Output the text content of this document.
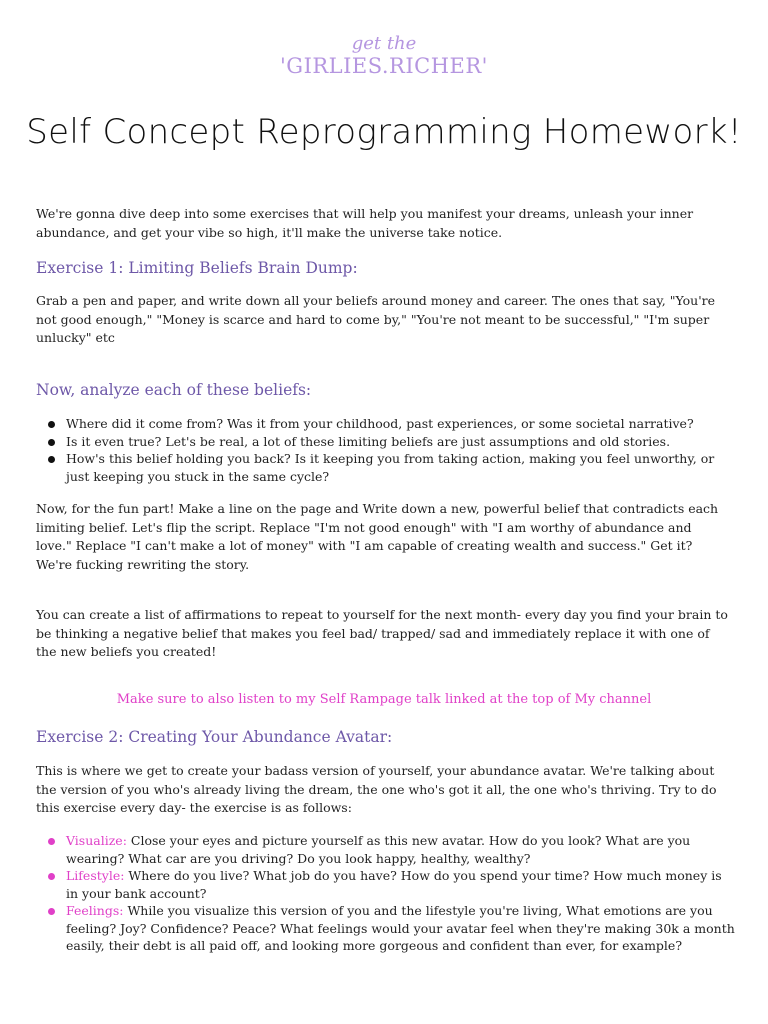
get the
'GIRLIES.RICHER'
Self Concept Reprogramming Homework!
We're gonna dive deep into some exercises that will help you manifest your dreams, unleash your inner abundance, and get your vibe so high, it'll make the universe take notice.
Exercise 1: Limiting Beliefs Brain Dump:
Grab a pen and paper, and write down all your beliefs around money and career. The ones that say, "You're not good enough," "Money is scarce and hard to come by," "You're not meant to be successful," "I'm super unlucky" etc
Now, analyze each of these beliefs:
Where did it come from? Was it from your childhood, past experiences, or some societal narrative?
Is it even true? Let's be real, a lot of these limiting beliefs are just assumptions and old stories.
How's this belief holding you back? Is it keeping you from taking action, making you feel unworthy, or just keeping you stuck in the same cycle?
Now, for the fun part! Make a line on the page and Write down a new, powerful belief that contradicts each limiting belief. Let's flip the script. Replace "I'm not good enough" with "I am worthy of abundance and love." Replace "I can't make a lot of money" with "I am capable of creating wealth and success." Get it? We're fucking rewriting the story.
You can create a list of affirmations to repeat to yourself for the next month- every day you find your brain to be thinking a negative belief that makes you feel bad/ trapped/ sad and immediately replace it with one of the new beliefs you created!
Make sure to also listen to my Self Rampage talk linked at the top of My channel
Exercise 2: Creating Your Abundance Avatar:
This is where we get to create your badass version of yourself, your abundance avatar. We're talking about the version of you who's already living the dream, the one who's got it all, the one who's thriving. Try to do this exercise every day- the exercise is as follows:
Visualize: Close your eyes and picture yourself as this new avatar. How do you look? What are you wearing? What car are you driving? Do you look happy, healthy, wealthy?
Lifestyle: Where do you live? What job do you have? How do you spend your time? How much money is in your bank account?
Feelings: While you visualize this version of you and the lifestyle you're living, What emotions are you feeling? Joy? Confidence? Peace? What feelings would your avatar feel when they're making 30k a month easily, their debt is all paid off, and looking more gorgeous and confident than ever, for example?
